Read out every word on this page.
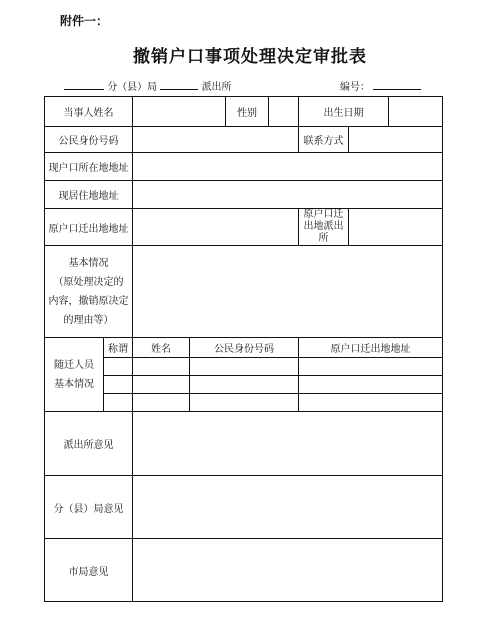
附件一：
撤销户口事项处理决定审批表
分（县）局	派出所	编号：
当事人姓名				性别		出生日期		
公民身份号码						联系方式		
现户口所在地地址								
现居住地地址								
原户口迁出地地址						原户口迁出地派出所		

基本情况
（原处理决定的
内容，撤销原决定
的理由等）								

随迁人员
基本情况	称谓	姓名	公民身份号码			原户口迁出地地址		

派出所意见								
分（县）局意见								
市局意见								
